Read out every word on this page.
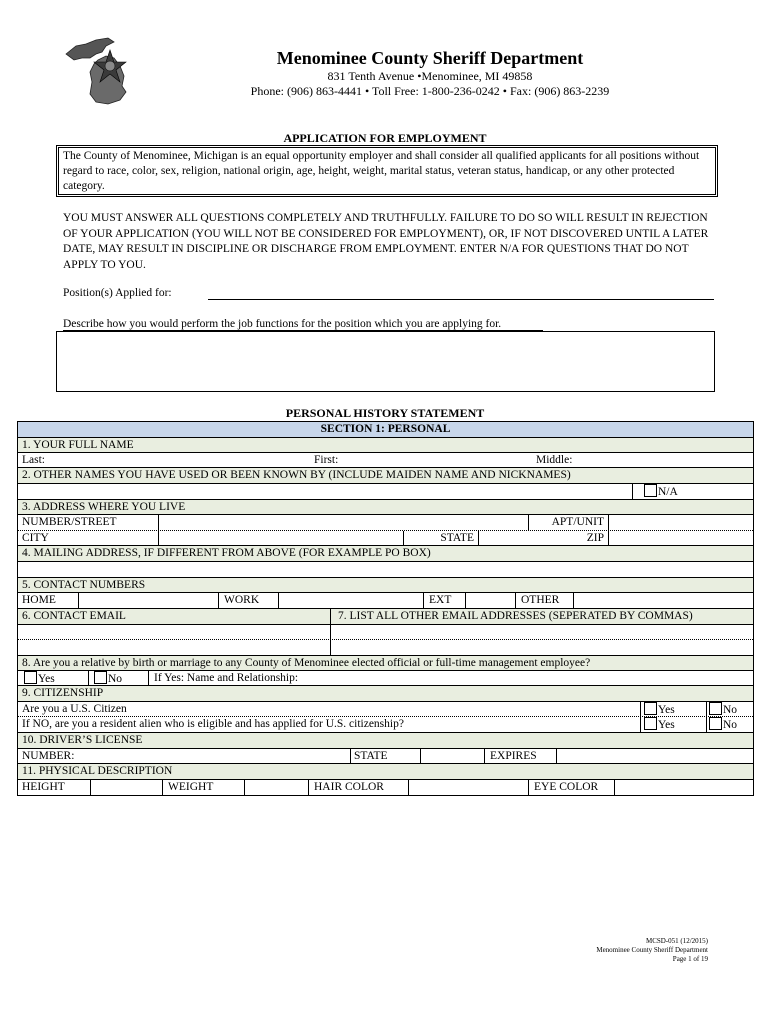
Menominee County Sheriff Department
831 Tenth Avenue •Menominee, MI 49858
Phone: (906) 863-4441 • Toll Free: 1-800-236-0242 • Fax: (906) 863-2239
APPLICATION FOR EMPLOYMENT
The County of Menominee, Michigan is an equal opportunity employer and shall consider all qualified applicants for all positions without regard to race, color, sex, religion, national origin, age, height, weight, marital status, veteran status, handicap, or any other protected category.
YOU MUST ANSWER ALL QUESTIONS COMPLETELY AND TRUTHFULLY. FAILURE TO DO SO WILL RESULT IN REJECTION OF YOUR APPLICATION (YOU WILL NOT BE CONSIDERED FOR EMPLOYMENT), OR, IF NOT DISCOVERED UNTIL A LATER DATE, MAY RESULT IN DISCIPLINE OR DISCHARGE FROM EMPLOYMENT. ENTER N/A FOR QUESTIONS THAT DO NOT APPLY TO YOU.
Position(s) Applied for:
Describe how you would perform the job functions for the position which you are applying for.
PERSONAL HISTORY STATEMENT
SECTION 1: PERSONAL
1. YOUR FULL NAME
Last:	First:	Middle:
2. OTHER NAMES YOU HAVE USED OR BEEN KNOWN BY (INCLUDE MAIDEN NAME AND NICKNAMES)
N/A
3. ADDRESS WHERE YOU LIVE
NUMBER/STREET	APT/UNIT
CITY	STATE	ZIP
4. MAILING ADDRESS, IF DIFFERENT FROM ABOVE (FOR EXAMPLE PO BOX)
5. CONTACT NUMBERS
HOME	WORK	EXT	OTHER
6. CONTACT EMAIL	7. LIST ALL OTHER EMAIL ADDRESSES (SEPERATED BY COMMAS)
8. Are you a relative by birth or marriage to any County of Menominee elected official or full-time management employee?
Yes	No	If Yes: Name and Relationship:
9. CITIZENSHIP
Are you a U.S. Citizen	Yes	No
If NO, are you a resident alien who is eligible and has applied for U.S. citizenship?	Yes	No
10. DRIVER’S LICENSE
NUMBER:	STATE	EXPIRES
11. PHYSICAL DESCRIPTION
HEIGHT	WEIGHT	HAIR COLOR	EYE COLOR
MCSD-051 (12/2015)
Menominee County Sheriff Department
Page 1 of 19
